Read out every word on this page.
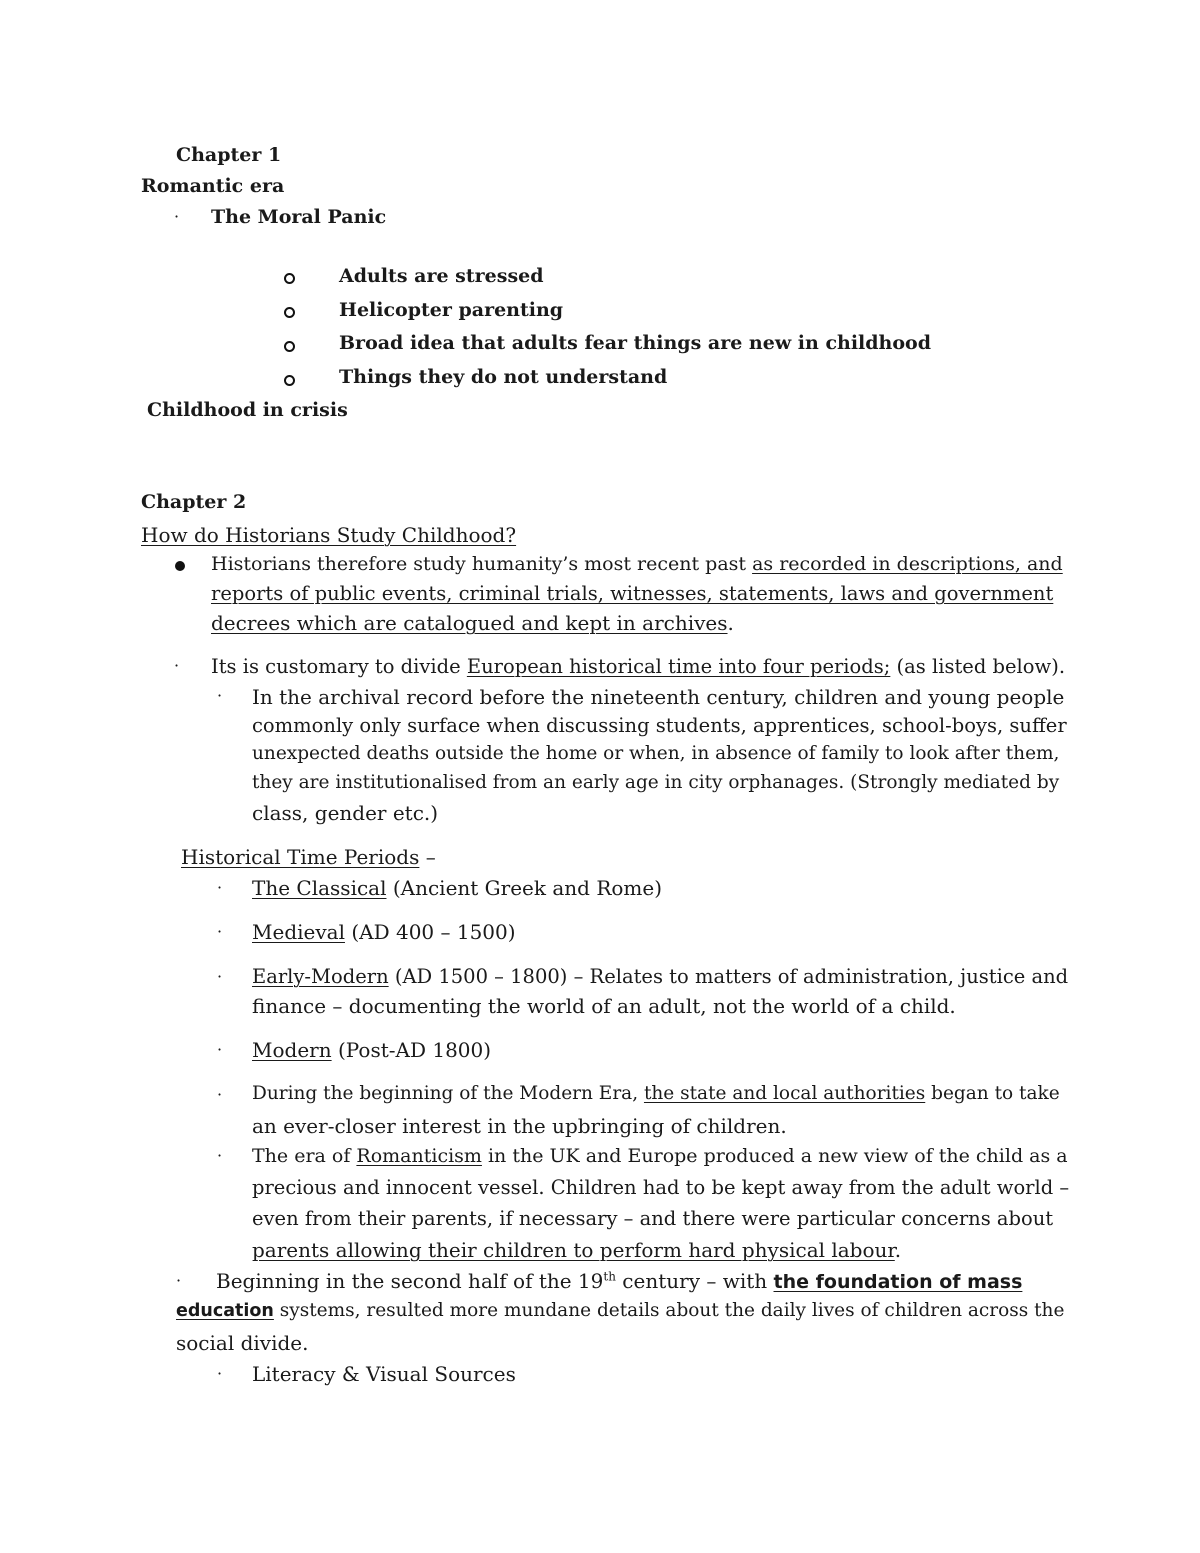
Chapter 1
Romantic era
· The Moral Panic
Adults are stressed
Helicopter parenting
Broad idea that adults fear things are new in childhood
Things they do not understand
Childhood in crisis
Chapter 2
How do Historians Study Childhood?
Historians therefore study humanity’s most recent past as recorded in descriptions, and
reports of public events, criminal trials, witnesses, statements, laws and government
decrees which are catalogued and kept in archives.
· Its is customary to divide European historical time into four periods; (as listed below).
· In the archival record before the nineteenth century, children and young people
commonly only surface when discussing students, apprentices, school-boys, suffer
unexpected deaths outside the home or when, in absence of family to look after them,
they are institutionalised from an early age in city orphanages. (Strongly mediated by
class, gender etc.)
Historical Time Periods –
· The Classical (Ancient Greek and Rome)
· Medieval (AD 400 – 1500)
· Early-Modern (AD 1500 – 1800) – Relates to matters of administration, justice and
finance – documenting the world of an adult, not the world of a child.
· Modern (Post-AD 1800)
· During the beginning of the Modern Era, the state and local authorities began to take
an ever-closer interest in the upbringing of children.
· The era of Romanticism in the UK and Europe produced a new view of the child as a
precious and innocent vessel. Children had to be kept away from the adult world –
even from their parents, if necessary – and there were particular concerns about
parents allowing their children to perform hard physical labour.
· Beginning in the second half of the 19th century – with the foundation of mass
education systems, resulted more mundane details about the daily lives of children across the
social divide.
· Literacy & Visual Sources
